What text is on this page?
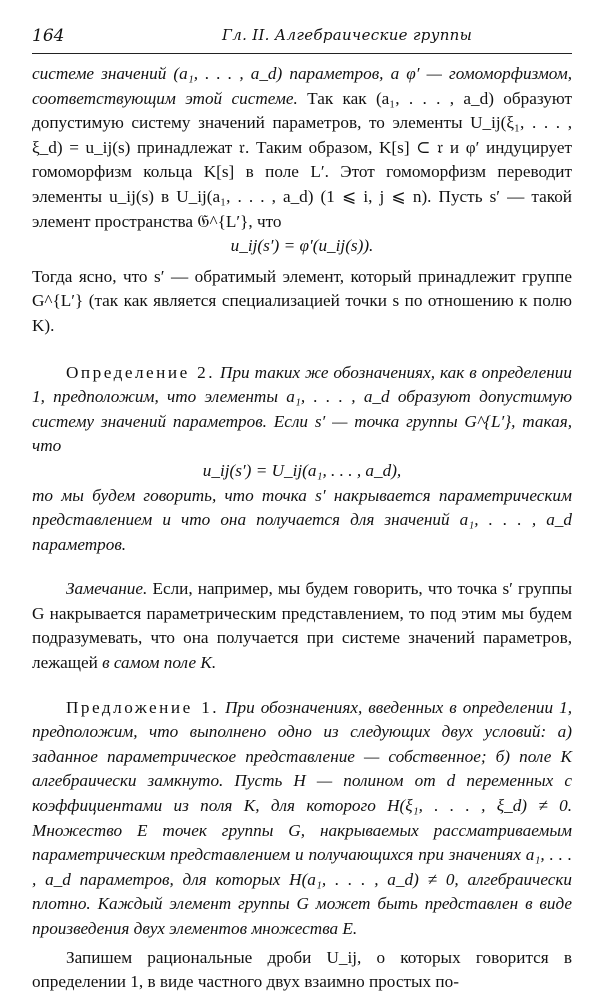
164	Гл. II. Алгебраические группы

системе значений (a₁, . . . , a_d) параметров, а φ′ — гомоморфизмом, соответствующим этой системе. Так как (a₁, . . . , a_d) образуют допустимую систему значений параметров, то элементы U_ij(ξ₁, . . . , ξ_d) = u_ij(s) принадлежат 𝔯. Таким образом, K[s] ⊂ 𝔯 и φ′ индуцирует гомоморфизм кольца K[s] в поле L′. Этот гомоморфизм переводит элементы u_ij(s) в U_ij(a₁, . . . , a_d) (1 ⩽ i, j ⩽ n). Пусть s′ — такой элемент пространства 𝔊^{L′}, что

u_ij(s′) = φ′(u_ij(s)).

Тогда ясно, что s′ — обратимый элемент, который принадлежит группе G^{L′} (так как является специализацией точки s по отношению к полю K).

Определение 2. При таких же обозначениях, как в определении 1, предположим, что элементы a₁, . . . , a_d образуют допустимую систему значений параметров. Если s′ — точка группы G^{L′}, такая, что

u_ij(s′) = U_ij(a₁, . . . , a_d),

то мы будем говорить, что точка s′ накрывается параметрическим представлением и что она получается для значений a₁, . . . , a_d параметров.

Замечание. Если, например, мы будем говорить, что точка s′ группы G накрывается параметрическим представлением, то под этим мы будем подразумевать, что она получается при системе значений параметров, лежащей в самом поле K.

Предложение 1. При обозначениях, введенных в определении 1, предположим, что выполнено одно из следующих двух условий: а) заданное параметрическое представление — собственное; б) поле K алгебраически замкнуто. Пусть H — полином от d переменных с коэффициентами из поля K, для которого H(ξ₁, . . . , ξ_d) ≠ 0. Множество E точек группы G, накрываемых рассматриваемым параметрическим представлением и получающихся при значениях a₁, . . . , a_d параметров, для которых H(a₁, . . . , a_d) ≠ 0, алгебраически плотно. Каждый элемент группы G может быть представлен в виде произведения двух элементов множества E.

Запишем рациональные дроби U_ij, о которых говорится в определении 1, в виде частного двух взаимно простых по-
